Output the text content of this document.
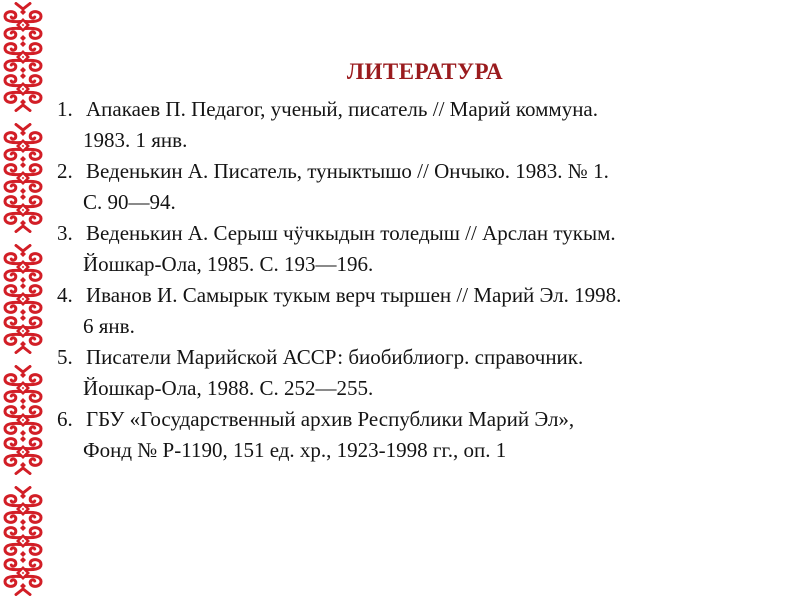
ЛИТЕРАТУРА
1. Апакаев П. Педагог, ученый, писатель // Марий коммуна.
1983. 1 янв.
2. Веденькин А. Писатель, туныктышо // Ончыко. 1983. № 1.
С. 90—94.
3. Веденькин А. Серыш чӱчкыдын толедыш // Арслан тукым.
Йошкар-Ола, 1985. С. 193—196.
4. Иванов И. Самырык тукым верч тыршен // Марий Эл. 1998.
6 янв.
5. Писатели Марийской АССР: биобиблиогр. справочник.
Йошкар-Ола, 1988. С. 252—255.
6. ГБУ «Государственный архив Республики Марий Эл»,
Фонд № Р-1190, 151 ед. хр., 1923-1998 гг., оп. 1
